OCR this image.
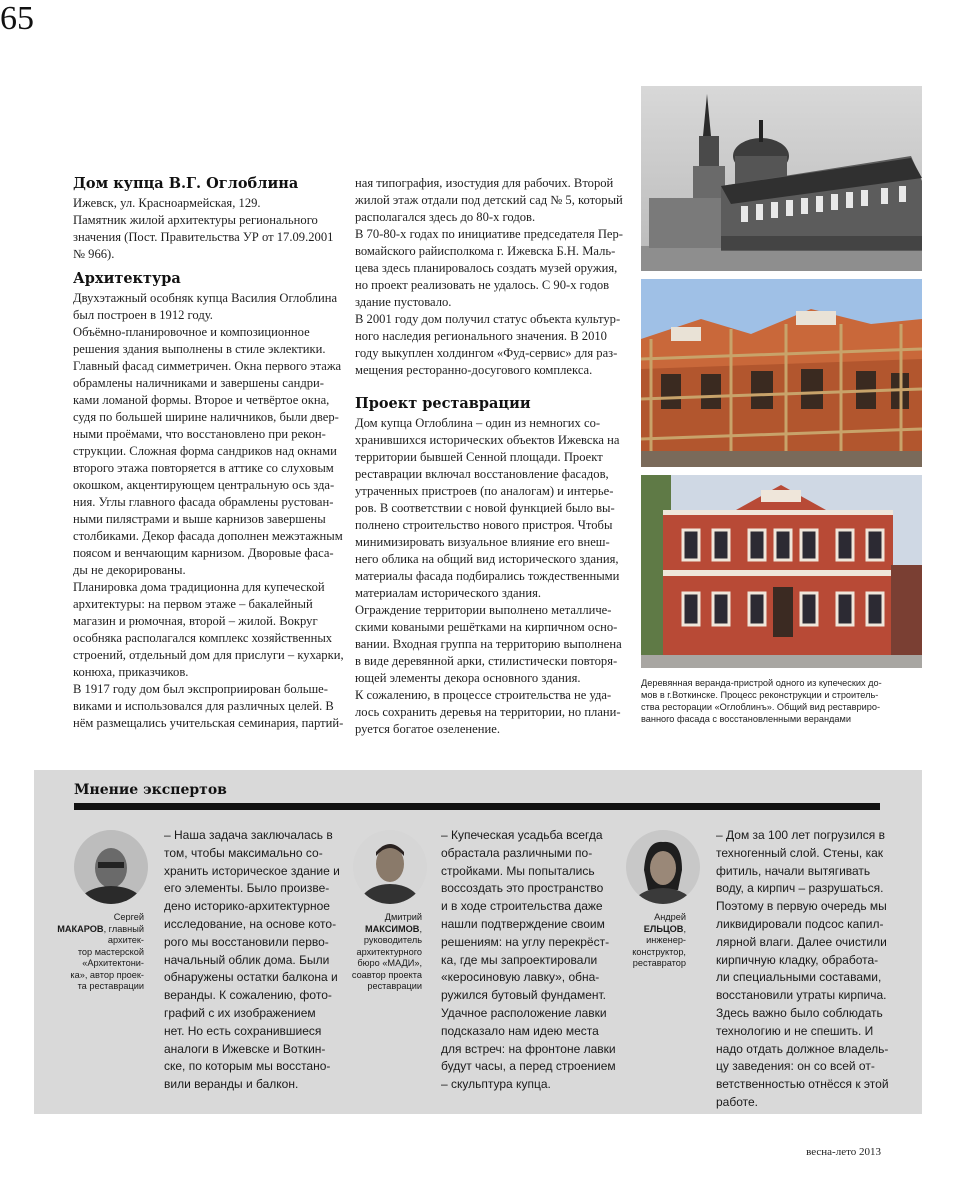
65
Дом купца В.Г. Оглоблина

Ижевск, ул. Красноармейская, 129.

Памятник жилой архитектуры регионального

значения (Пост. Правительства УР от 17.09.2001

№ 966).

Архитектура

Двухэтажный особняк купца Василия Оглоблина

был построен в 1912 году.

Объёмно-планировочное и композиционное

решения здания выполнены в стиле эклектики.

Главный фасад симметричен. Окна первого этажа

обрамлены наличниками и завершены сандри-

ками ломаной формы. Второе и четвёртое окна,

судя по большей ширине наличников, были двер-

ными проёмами, что восстановлено при рекон-

струкции. Сложная форма сандриков над окнами

второго этажа повторяется в аттике со слуховым

окошком, акцентирующем центральную ось зда-

ния. Углы главного фасада обрамлены рустован-

ными пилястрами и выше карнизов завершены

столбиками. Декор фасада дополнен межэтажным

поясом и венчающим карнизом. Дворовые фаса-

ды не декорированы.

Планировка дома традиционна для купеческой

архитектуры: на первом этаже – бакалейный

магазин и рюмочная, второй – жилой. Вокруг

особняка располагался комплекс хозяйственных

строений, отдельный дом для прислуги – кухарки,

конюха, приказчиков.

В 1917 году дом был экспроприирован больше-

виками и использовался для различных целей. В

нём размещались учительская семинария, партий-

ная типография, изостудия для рабочих. Второй

жилой этаж отдали под детский сад № 5, который

располагался здесь до 80-х годов.

В 70-80-х годах по инициативе председателя Пер-

вомайского райисполкома г. Ижевска Б.Н. Маль-

цева здесь планировалось создать музей оружия,

но проект реализовать не удалось. С 90-х годов

здание пустовало.

В 2001 году дом получил статус объекта культур-

ного наследия регионального значения. В 2010

году выкуплен холдингом «Фуд-сервис» для раз-

мещения ресторанно-досугового комплекса.

Проект реставрации

Дом купца Оглоблина – один из немногих со-

хранившихся исторических объектов Ижевска на

территории бывшей Сенной площади. Проект

реставрации включал восстановление фасадов,

утраченных пристроев (по аналогам) и интерье-

ров. В соответствии с новой функцией было вы-

полнено строительство нового пристроя. Чтобы

минимизировать визуальное влияние его внеш-

него облика на общий вид исторического здания,

материалы фасада подбирались тождественными

материалам исторического здания.

Ограждение территории выполнено металличе-

скими коваными решётками на кирпичном осно-

вании. Входная группа на территорию выполнена

в виде деревянной арки, стилистически повторя-

ющей элементы декора основного здания.

К сожалению, в процессе строительства не уда-

лось сохранить деревья на территории, но плани-

руется богатое озеленение.

Деревянная веранда-пристрой одного из купеческих до-
мов в г.Воткинске. Процесс реконструкции и строитель-
ства ресторации «Оглоблинъ». Общий вид реставриро-
ванного фасада с восстановленными верандами
Мнение экспертов
Сергей
МАКАРОВ, главный архитек-
тор мастерской
«Архитектони-
ка», автор проек-
та реставрации

– Наша задача заключалась в

том, чтобы максимально со-

хранить историческое здание и

его элементы. Было произве-

дено историко-архитектурное

исследование, на основе кото-

рого мы восстановили перво-

начальный облик дома. Были

обнаружены остатки балкона и

веранды. К сожалению, фото-

графий с их изображением

нет. Но есть сохранившиеся

аналоги в Ижевске и Воткин-

ске, по которым мы восстано-

вили веранды и балкон.

Дмитрий
МАКСИМОВ,
руководитель
архитектурного
бюро «МАДИ»,
соавтор проекта
реставрации

– Купеческая усадьба всегда

обрастала различными по-

стройками. Мы попытались

воссоздать это пространство

и в ходе строительства даже

нашли подтверждение своим

решениям: на углу перекрёст-

ка, где мы запроектировали

«керосиновую лавку», обна-

ружился бутовый фундамент.

Удачное расположение лавки

подсказало нам идею места

для встреч: на фронтоне лавки

будут часы, а перед строением

– скульптура купца.

Андрей
ЕЛЬЦОВ,
инженер-
конструктор,
реставратор

– Дом за 100 лет погрузился в

техногенный слой. Стены, как

фитиль, начали вытягивать

воду, а кирпич – разрушаться.

Поэтому в первую очередь мы

ликвидировали подсос капил-

лярной влаги. Далее очистили

кирпичную кладку, обработа-

ли специальными составами,

восстановили утраты кирпича.

Здесь важно было соблюдать

технологию и не спешить. И

надо отдать должное владель-

цу заведения: он со всей от-

ветственностью отнёсся к этой

работе.

весна-лето 2013
